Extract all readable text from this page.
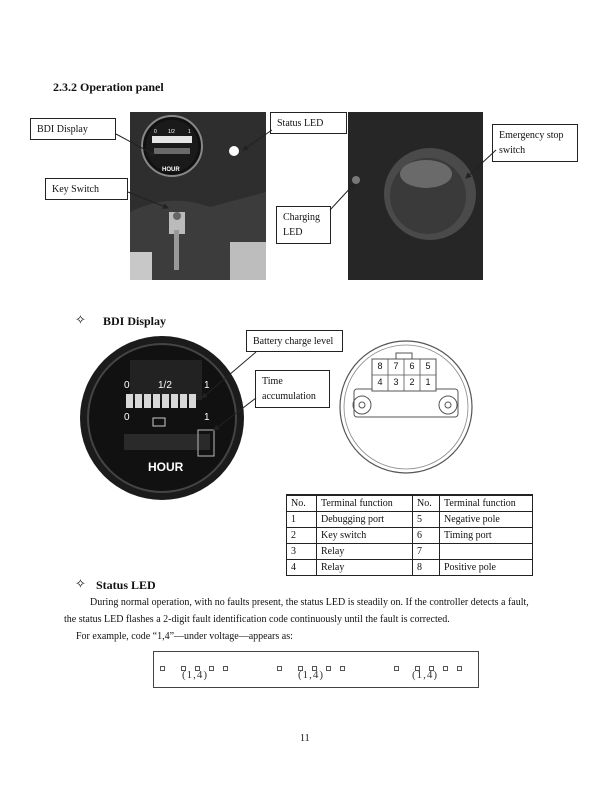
2.3.2 Operation panel
HOUR
0 1/2	1
BDI Display
Key Switch
Status LED
Charging
LED
Emergency stop
switch
✧ BDI Display
0	1/2	1
0	1
HOUR
Battery charge level
Time
accumulation
8	7	6	5
4	3	2	1
No.	Terminal function	No.	Terminal function
1	Debugging port	5	Negative pole
2	Key switch	6	Timing port
3	Relay	7	
4	Relay	8	Positive pole
✧ Status LED
During normal operation, with no faults present, the status LED is steadily on. If the controller detects a fault,
the status LED flashes a 2-digit fault identification code continuously until the fault is corrected.
For example, code “1,4”—under voltage—appears as:

(1,4)	(1,4)	(1,4)
11
